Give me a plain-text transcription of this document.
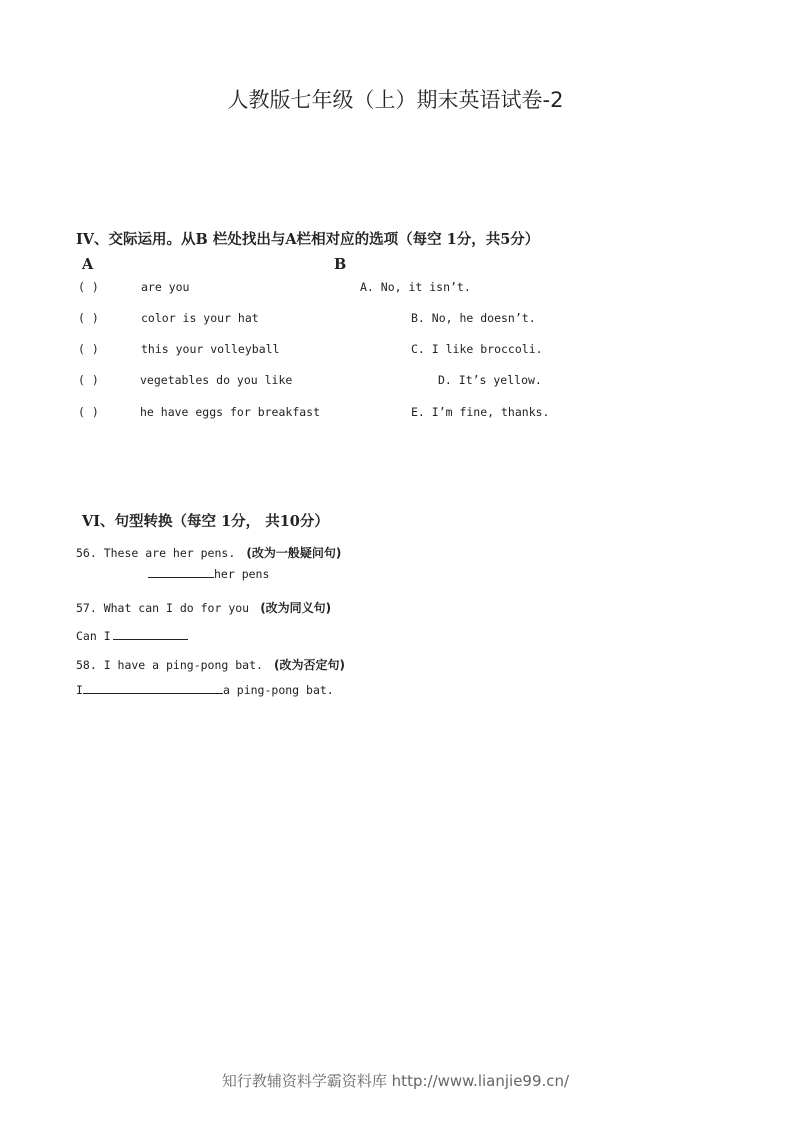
人教版七年级（上）期末英语试卷-2
IV、交际运用。从B 栏处找出与A栏相对应的选项（每空 1分，共5分）
A	B
( )	are you	A. No, it isn’t.
( )	color is your hat	B. No, he doesn’t.
( )	this your volleyball	C. I like broccoli.
( )	vegetables do you like	D. It’s yellow.
( )	he have eggs for breakfast	E. I’m fine, thanks.
VI、句型转换（每空 1分， 共10分）
56. These are her pens. (改为一般疑问句)
her pens
57. What can I do for you (改为同义句)
Can I
58. I have a ping-pong bat. (改为否定句)
I	a ping-pong bat.
知行教辅资料学霸资料库 http://www.lianjie99.cn/
